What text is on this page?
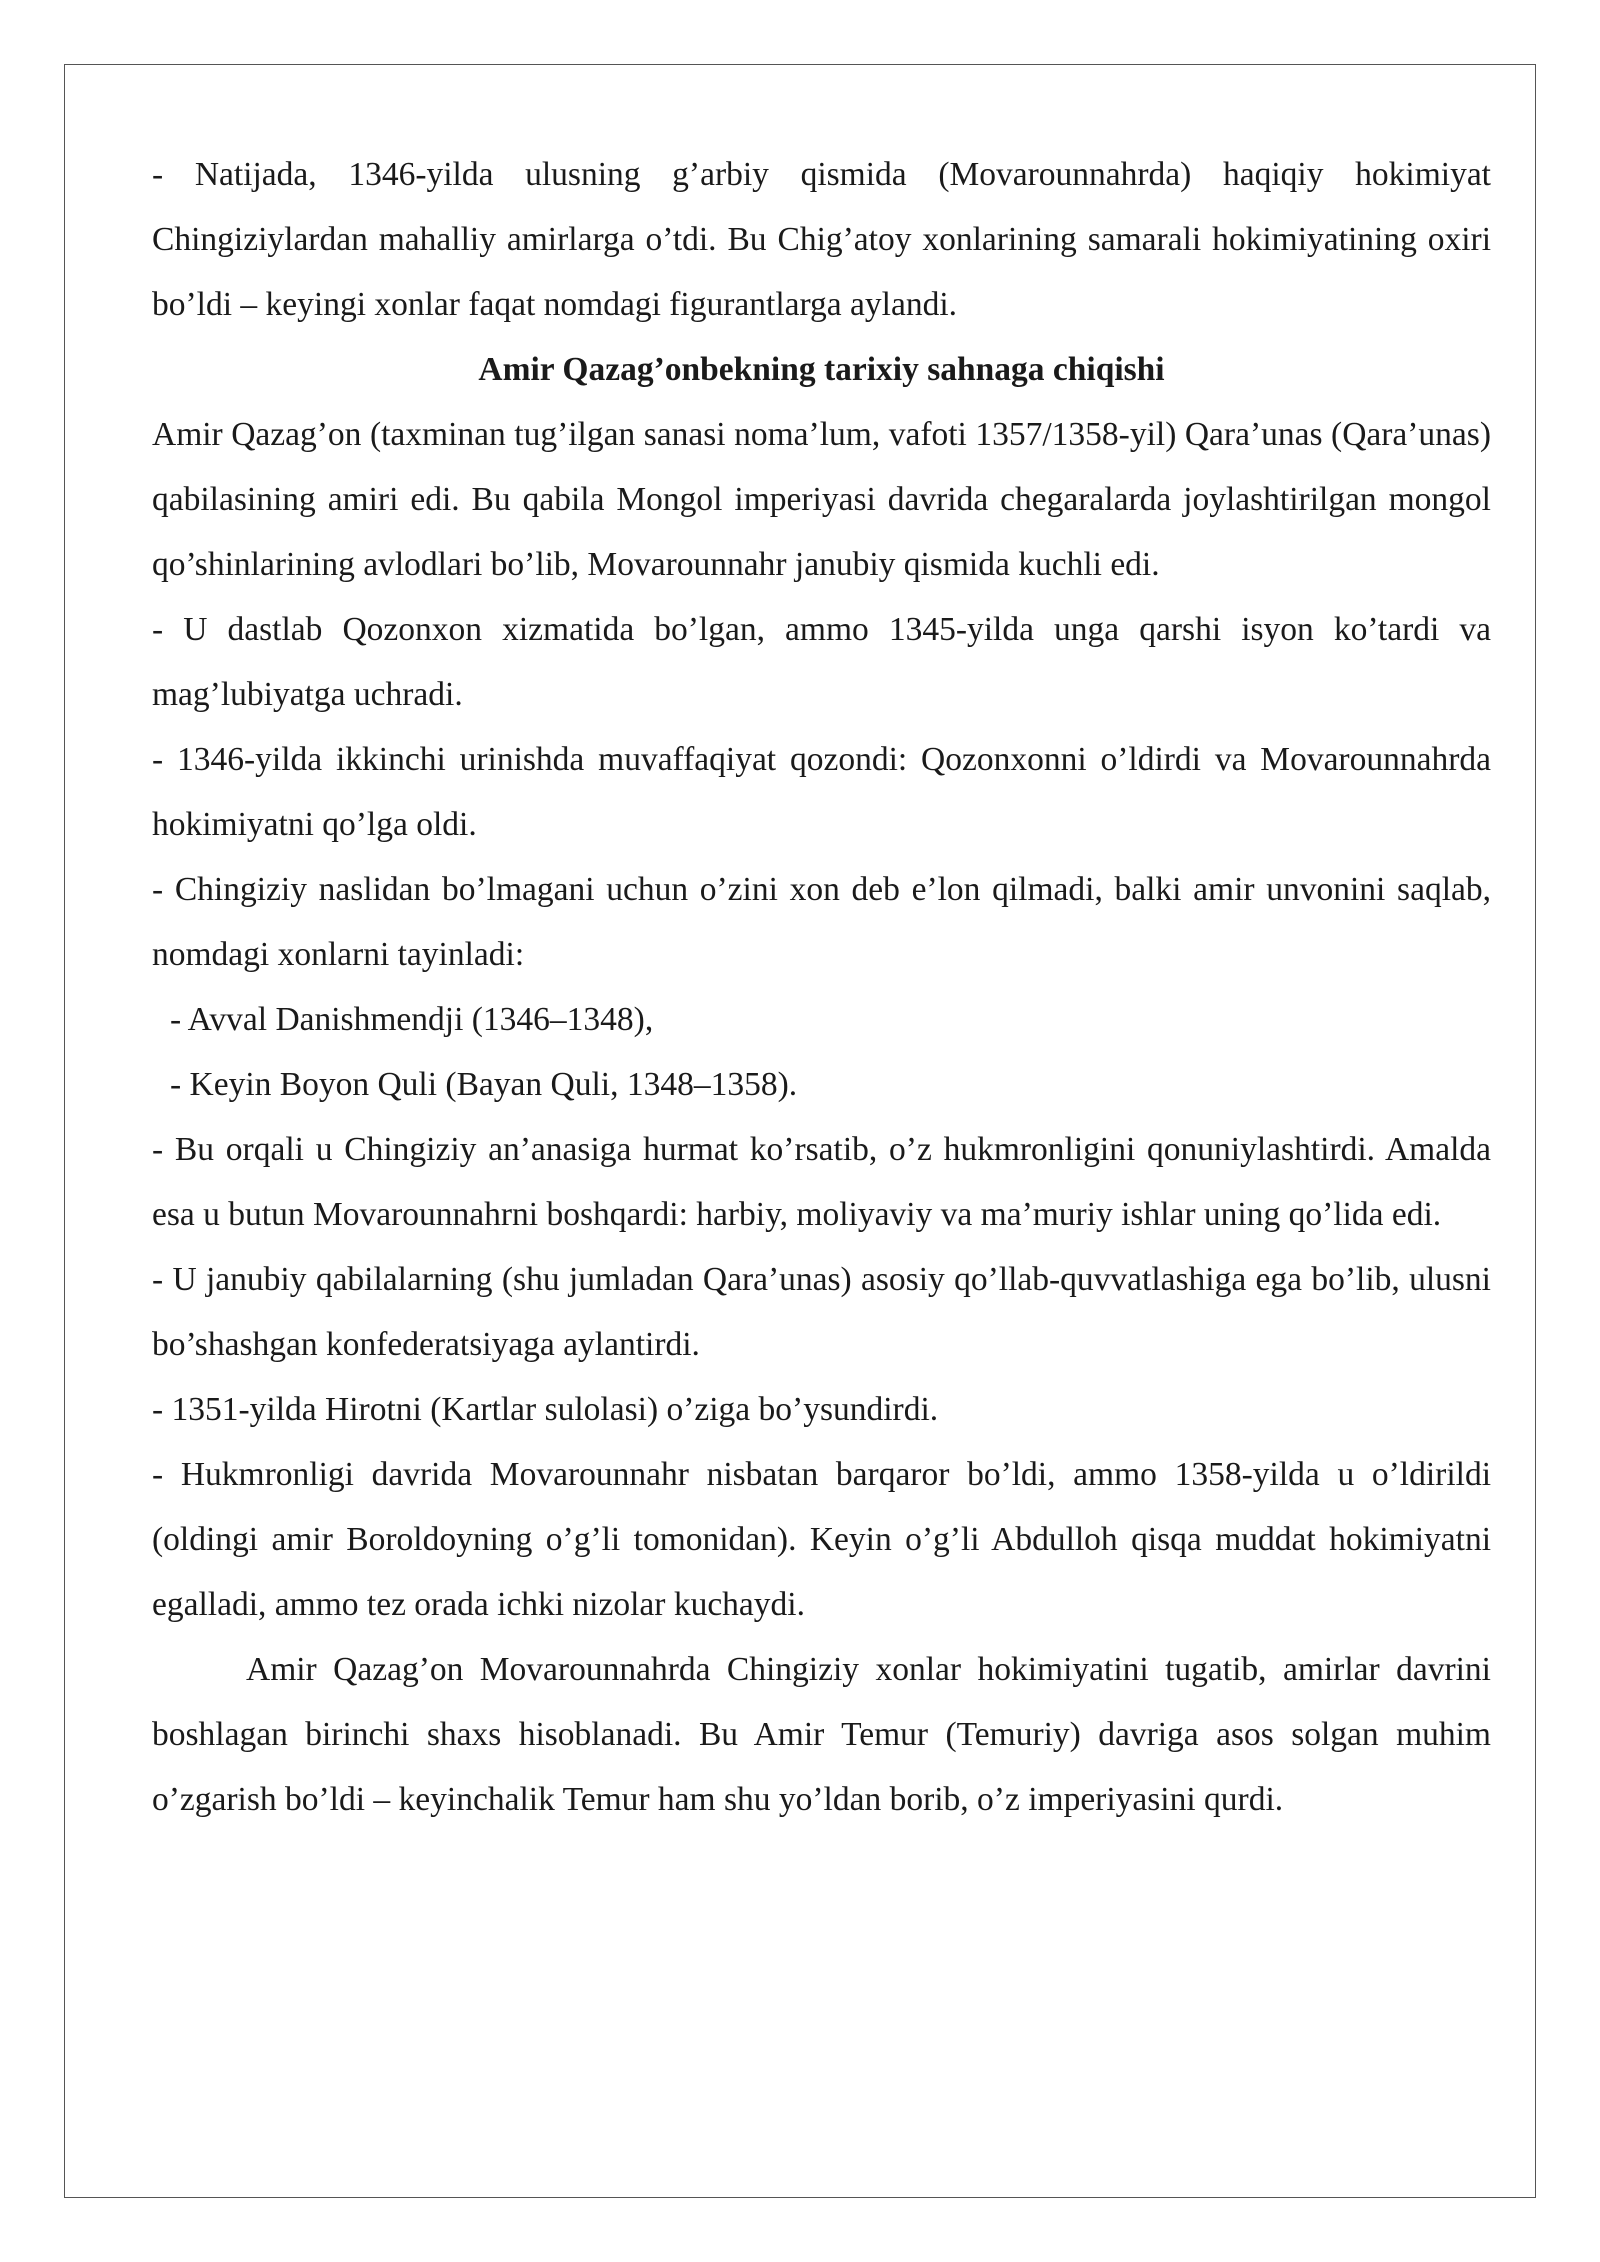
- Natijada, 1346-yilda ulusning g’arbiy qismida (Movarounnahrda) haqiqiy hokimiyat Chingiziylardan mahalliy amirlarga o’tdi. Bu Chig’atoy xonlarining samarali hokimiyatining oxiri bo’ldi – keyingi xonlar faqat nomdagi figurantlarga aylandi.

Amir Qazag’onbekning tarixiy sahnaga chiqishi

Amir Qazag’on (taxminan tug’ilgan sanasi noma’lum, vafoti 1357/1358-yil) Qara’unas (Qara’unas) qabilasining amiri edi. Bu qabila Mongol imperiyasi davrida chegaralarda joylashtirilgan mongol qo’shinlarining avlodlari bo’lib, Movarounnahr janubiy qismida kuchli edi.

- U dastlab Qozonxon xizmatida bo’lgan, ammo 1345-yilda unga qarshi isyon ko’tardi va mag’lubiyatga uchradi.

- 1346-yilda ikkinchi urinishda muvaffaqiyat qozondi: Qozonxonni o’ldirdi va Movarounnahrda hokimiyatni qo’lga oldi.

- Chingiziy naslidan bo’lmagani uchun o’zini xon deb e’lon qilmadi, balki amir unvonini saqlab, nomdagi xonlarni tayinladi:

- Avval Danishmendji (1346–1348),

- Keyin Boyon Quli (Bayan Quli, 1348–1358).

- Bu orqali u Chingiziy an’anasiga hurmat ko’rsatib, o’z hukmronligini qonuniylashtirdi. Amalda esa u butun Movarounnahrni boshqardi: harbiy, moliyaviy va ma’muriy ishlar uning qo’lida edi.

- U janubiy qabilalarning (shu jumladan Qara’unas) asosiy qo’llab-quvvatlashiga ega bo’lib, ulusni bo’shashgan konfederatsiyaga aylantirdi.

- 1351-yilda Hirotni (Kartlar sulolasi) o’ziga bo’ysundirdi.

- Hukmronligi davrida Movarounnahr nisbatan barqaror bo’ldi, ammo 1358-yilda u o’ldirildi (oldingi amir Boroldoyning o’g’li tomonidan). Keyin o’g’li Abdulloh qisqa muddat hokimiyatni egalladi, ammo tez orada ichki nizolar kuchaydi.

Amir Qazag’on Movarounnahrda Chingiziy xonlar hokimiyatini tugatib, amirlar davrini boshlagan birinchi shaxs hisoblanadi. Bu Amir Temur (Temuriy) davriga asos solgan muhim o’zgarish bo’ldi – keyinchalik Temur ham shu yo’ldan borib, o’z imperiyasini qurdi.
